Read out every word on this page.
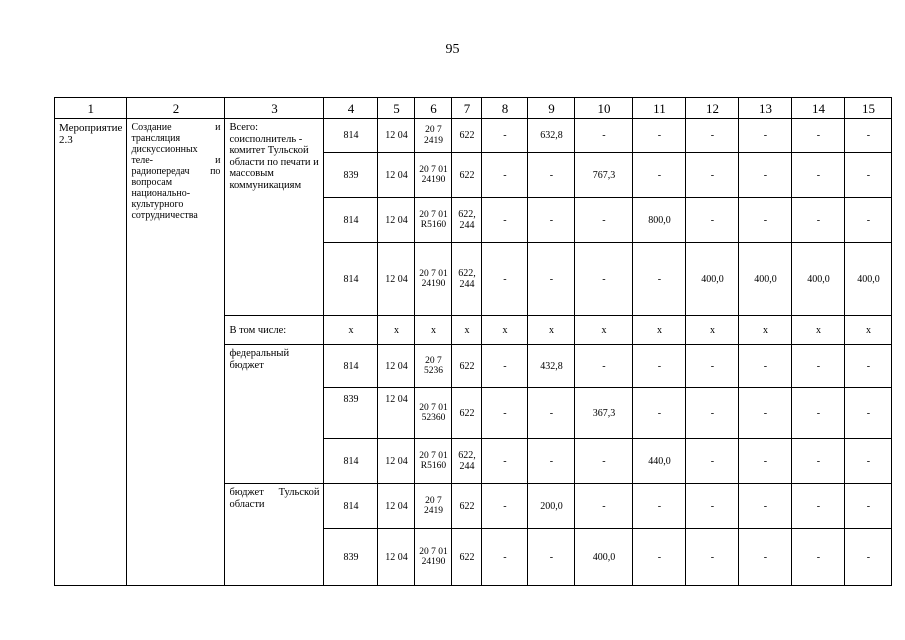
95
1	2	3	4	5	6	7	8	9	10	11	12	13	14	15
Мероприятие 2.3	Создание и трансляция дискуссионных теле- и радиопередач по вопросам национально-культурного сотрудничества	Всего: соисполнитель - комитет Тульской области по печати и массовым коммуникациям	814	12 04	20 7 2419	622	-	632,8	-	-	-	-	-	-
			839	12 04	20 7 01 24190	622	-	-	767,3	-	-	-	-	-
			814	12 04	20 7 01 R5160	622, 244	-	-	-	800,0	-	-	-	-
			814	12 04	20 7 01 24190	622, 244	-	-	-	-	400,0	400,0	400,0	400,0
		В том числе:	x	x	x	x	x	x	x	x	x	x	x	x
		федеральный бюджет	814	12 04	20 7 5236	622	-	432,8	-	-	-	-	-	-
			839	12 04	20 7 01 52360	622	-	-	367,3	-	-	-	-	-
			814	12 04	20 7 01 R5160	622, 244	-	-	-	440,0	-	-	-	-
		бюджет Тульской области	814	12 04	20 7 2419	622	-	200,0	-	-	-	-	-	-
			839	12 04	20 7 01 24190	622	-	-	400,0	-	-	-	-	-
